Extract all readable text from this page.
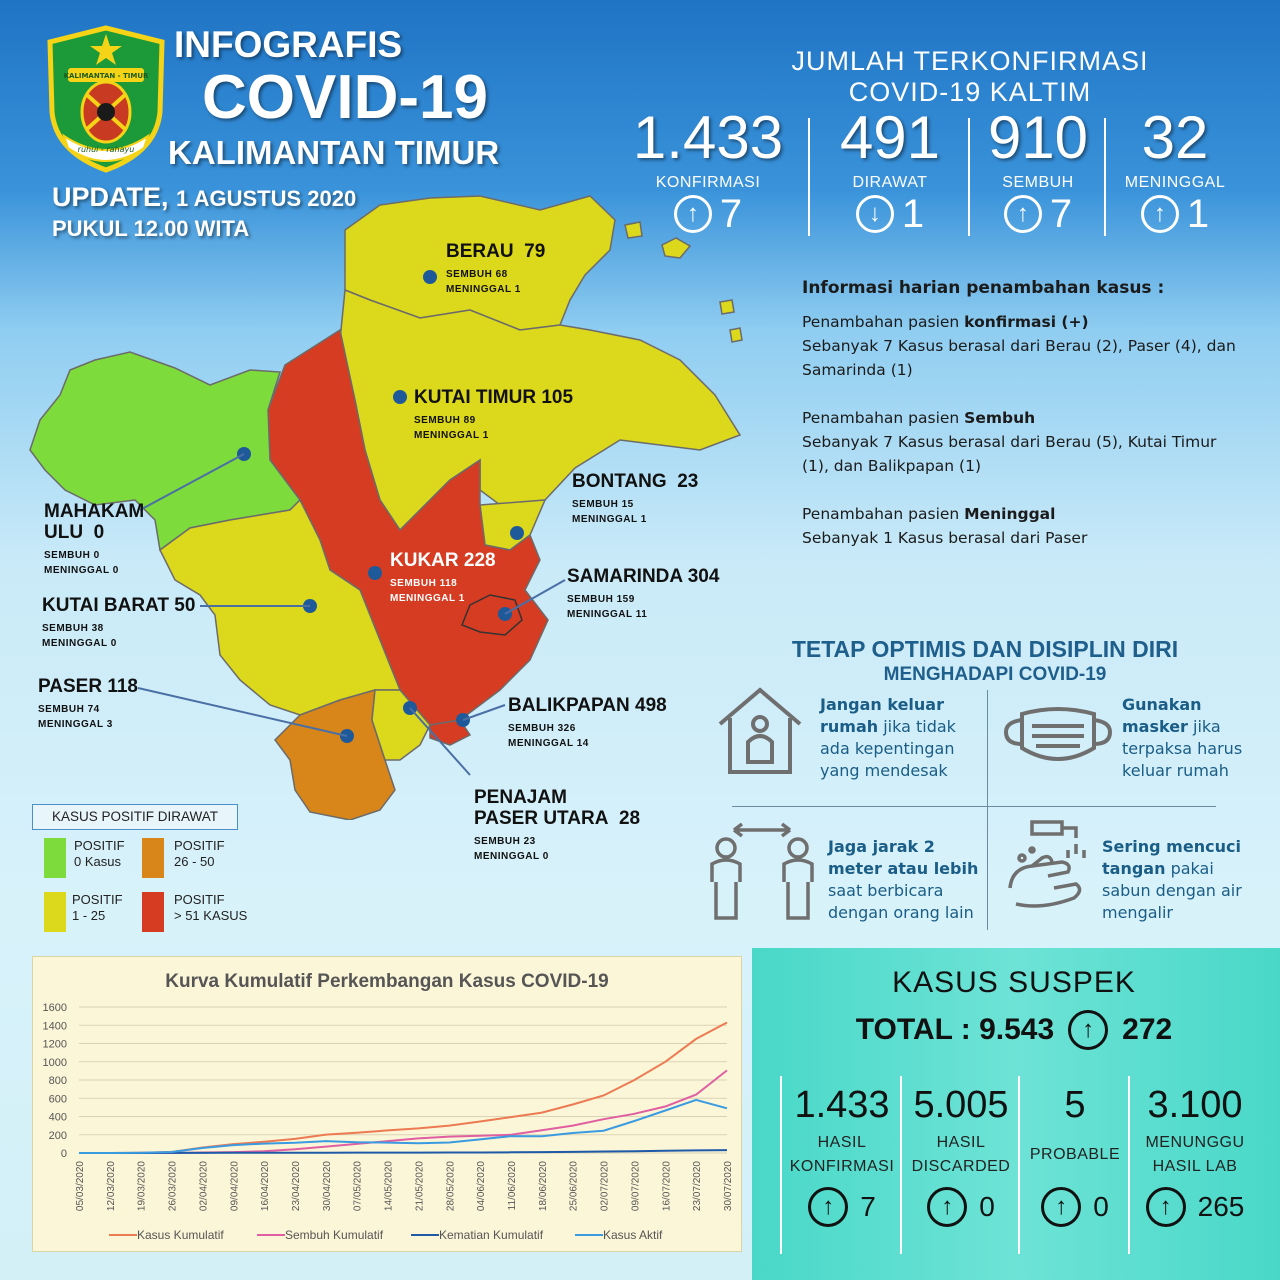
KALIMANTAN - TIMUR
ruhui - rahayu
INFOGRAFIS
COVID-19
KALIMANTAN TIMUR
UPDATE, 1 AGUSTUS 2020
PUKUL 12.00 WITA
JUMLAH TERKONFIRMASI
COVID-19 KALTIM
1.433
KONFIRMASI
↑ 7
491
DIRAWAT
↓ 1
910
SEMBUH
↑ 7
32
MENINGGAL
↑ 1
BERAU 79
SEMBUH 68
MENINGGAL 1
KUTAI TIMUR 105
SEMBUH 89
MENINGGAL 1
BONTANG 23
SEMBUH 15
MENINGGAL 1
MAHAKAM
ULU 0
SEMBUH 0
MENINGGAL 0	KUKAR 228
SEMBUH 118
MENINGGAL 1
SAMARINDA 304
SEMBUH 159
MENINGGAL 11
KUTAI BARAT 50
SEMBUH 38
MENINGGAL 0
PASER 118
SEMBUH 74
MENINGGAL 3
BALIKPAPAN 498
SEMBUH 326
MENINGGAL 14
PENAJAM
PASER UTARA 28
SEMBUH 23
MENINGGAL 0
KASUS POSITIF DIRAWAT
POSITIF
0 Kasus
POSITIF
26 - 50
POSITIF
1 - 25
POSITIF
> 51 KASUS
Informasi harian penambahan kasus :
Penambahan pasien konfirmasi (+)
Sebanyak 7 Kasus berasal dari Berau (2), Paser (4), dan Samarinda (1)
Penambahan pasien Sembuh
Sebanyak 7 Kasus berasal dari Berau (5), Kutai Timur (1), dan Balikpapan (1)
Penambahan pasien Meninggal
Sebanyak 1 Kasus berasal dari Paser
TETAP OPTIMIS DAN DISIPLIN DIRI
MENGHADAPI COVID-19
Jangan keluar rumah jika tidak ada kepentingan yang mendesak
Gunakan masker jika terpaksa harus keluar rumah
Jaga jarak 2 meter atau lebih saat berbicara dengan orang lain
Sering mencuci tangan pakai sabun dengan air mengalir
Kurva Kumulatif Perkembangan Kasus COVID-19
0
200
400
600
800
1000
1200
1400
1600
05/03/2020 12/03/2020 19/03/2020 26/03/2020 02/04/2020 09/04/2020 16/04/2020 23/04/2020 30/04/2020 07/05/2020 14/05/2020 21/05/2020 28/05/2020 04/06/2020 11/06/2020 18/06/2020 25/06/2020 02/07/2020 09/07/2020 16/07/2020 23/07/2020 30/07/2020
Kasus Kumulatif	Sembuh Kumulatif	Kematian Kumulatif	Kasus Aktif
KASUS SUSPEK
TOTAL : 9.543	↑ 272
1.433
HASIL
KONFIRMASI
↑ 7
5.005
HASIL
DISCARDED
↑ 0
5
PROBABLE
↑ 0
3.100
MENUNGGU
HASIL LAB
↑ 265
